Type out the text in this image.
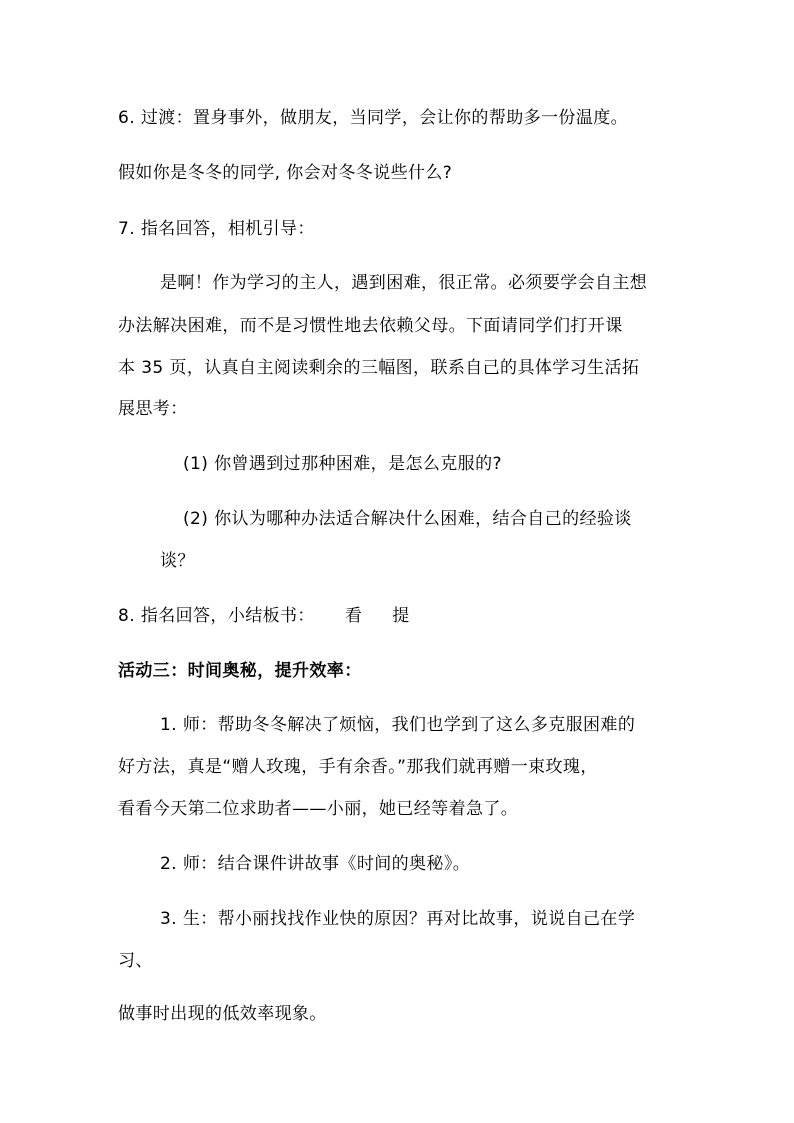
6. 过渡：置身事外，做朋友，当同学，会让你的帮助多一份温度。
假如你是冬冬的同学, 你会对冬冬说些什么?
7. 指名回答，相机引导：
是啊！作为学习的主人，遇到困难，很正常。必须要学会自主想
办法解决困难，而不是习惯性地去依赖父母。下面请同学们打开课
本 35 页，认真自主阅读剩余的三幅图，联系自己的具体学习生活拓
展思考：
(1) 你曾遇到过那种困难，是怎么克服的?
(2) 你认为哪种办法适合解决什么困难，结合自己的经验谈
谈？
8. 指名回答，小结板书： 看 提
活动三：时间奥秘，提升效率：
1. 师：帮助冬冬解决了烦恼，我们也学到了这么多克服困难的
好方法，真是“赠人玫瑰，手有余香。”那我们就再赠一束玫瑰，
看看今天第二位求助者——小丽，她已经等着急了。
2. 师：结合课件讲故事《时间的奥秘》。
3. 生：帮小丽找找作业快的原因？再对比故事，说说自己在学
习、
做事时出现的低效率现象。
